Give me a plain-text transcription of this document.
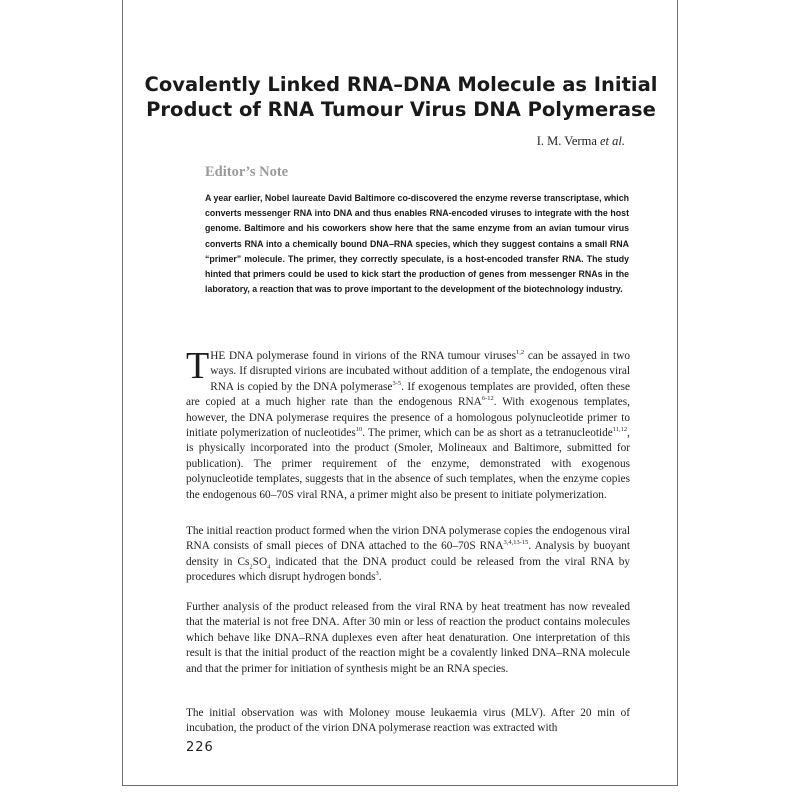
Covalently Linked RNA–DNA Molecule as Initial
Product of RNA Tumour Virus DNA Polymerase
I. M. Verma et al.
Editor’s Note
A year earlier, Nobel laureate David Baltimore co-discovered the enzyme reverse transcriptase, which converts messenger RNA into DNA and thus enables RNA-encoded viruses to integrate with the host genome. Baltimore and his coworkers show here that the same enzyme from an avian tumour virus converts RNA into a chemically bound DNA–RNA species, which they suggest contains a small RNA “primer” molecule. The primer, they correctly speculate, is a host-encoded transfer RNA. The study hinted that primers could be used to kick start the production of genes from messenger RNAs in the laboratory, a reaction that was to prove important to the development of the biotechnology industry.
THE DNA polymerase found in virions of the RNA tumour viruses$^{1,2}$ can be assayed in two ways. If disrupted virions are incubated without addition of a template, the endogenous viral RNA is copied by the DNA polymerase$^{3-5}$. If exogenous templates are provided, often these are copied at a much higher rate than the endogenous RNA$^{6-12}$. With exogenous templates, however, the DNA polymerase requires the presence of a homologous polynucleotide primer to initiate polymerization of nucleotides$^{10}$. The primer, which can be as short as a tetranucleotide$^{11,12}$, is physically incorporated into the product (Smoler, Molineaux and Baltimore, submitted for publication). The primer requirement of the enzyme, demonstrated with exogenous polynucleotide templates, suggests that in the absence of such templates, when the enzyme copies the endogenous 60–70S viral RNA, a primer might also be present to initiate polymerization.
The initial reaction product formed when the virion DNA polymerase copies the endogenous viral RNA consists of small pieces of DNA attached to the 60–70S RNA$^{3,4,13-15}$. Analysis by buoyant density in $Cs_2SO_4$ indicated that the DNA product could be released from the viral RNA by procedures which disrupt hydrogen bonds$^3$.
Further analysis of the product released from the viral RNA by heat treatment has now revealed that the material is not free DNA. After 30 min or less of reaction the product contains molecules which behave like DNA–RNA duplexes even after heat denaturation. One interpretation of this result is that the initial product of the reaction might be a covalently linked DNA–RNA molecule and that the primer for initiation of synthesis might be an RNA species.
The initial observation was with Moloney mouse leukaemia virus (MLV). After 20 min of incubation, the product of the virion DNA polymerase reaction was extracted with
226
